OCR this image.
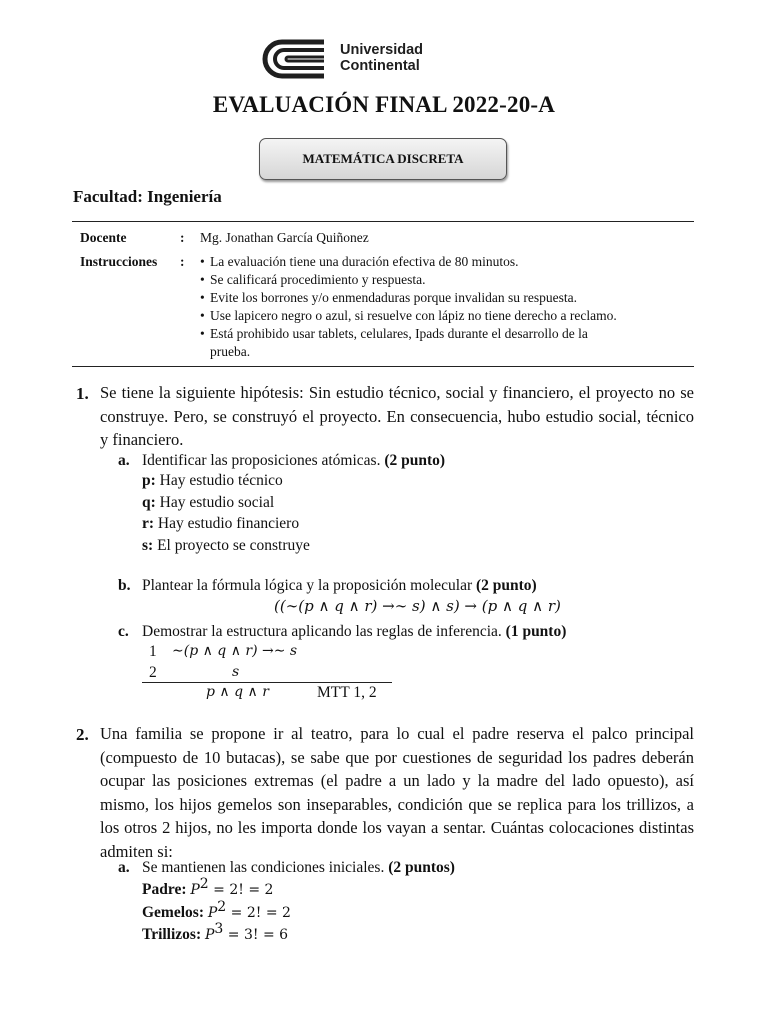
Universidad
Continental
EVALUACIÓN FINAL 2022-20-A
MATEMÁTICA DISCRETA
Facultad: Ingeniería
Docente	:	Mg. Jonathan García Quiñonez
Instrucciones	:
•	La evaluación tiene una duración efectiva de 80 minutos.
• Se calificará procedimiento y respuesta.
• Evite los borrones y/o enmendaduras porque invalidan su respuesta.
• Use lapicero negro o azul, si resuelve con lápiz no tiene derecho a reclamo.
• Está prohibido usar tablets, celulares, Ipads durante el desarrollo de la
prueba.
1. Se tiene la siguiente hipótesis: Sin estudio técnico, social y financiero, el proyecto no se construye. Pero, se construyó el proyecto. En consecuencia, hubo estudio social, técnico y financiero.
a. Identificar las proposiciones atómicas. (2 punto)
p: Hay estudio técnico
q: Hay estudio social
r: Hay estudio financiero
s: El proyecto se construye
b. Plantear la fórmula lógica y la proposición molecular (2 punto)
((∼(p ∧ q ∧ r) →∼ s) ∧ s) → (p ∧ q ∧ r)
c. Demostrar la estructura aplicando las reglas de inferencia. (1 punto)
1 ∼(p ∧ q ∧ r) →∼ s
2	s
p ∧ q ∧ r	MTT 1, 2
2. Una familia se propone ir al teatro, para lo cual el padre reserva el palco principal (compuesto de 10 butacas), se sabe que por cuestiones de seguridad los padres deberán ocupar las posiciones extremas (el padre a un lado y la madre del lado opuesto), así mismo, los hijos gemelos son inseparables, condición que se replica para los trillizos, a los otros 2 hijos, no les importa donde los vayan a sentar. Cuántas colocaciones distintas admiten si:
a. Se mantienen las condiciones iniciales. (2 puntos)
Padre: $P^2 = 2$! = 2
Gemelos: $P^2 = 2$! = 2
Trillizos: $P^3 = 3$! = 6
